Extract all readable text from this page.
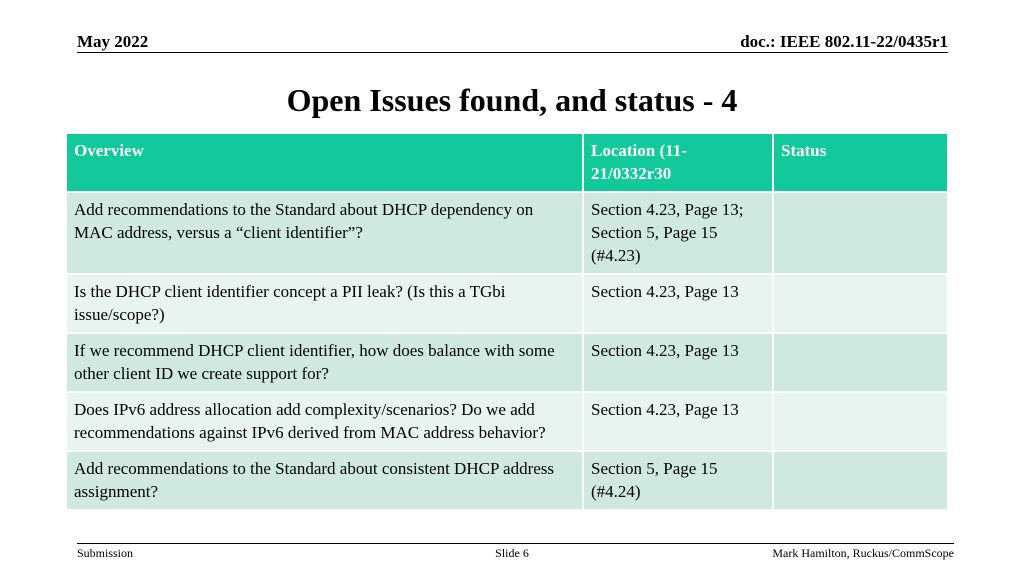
May 2022	doc.: IEEE 802.11-22/0435r1
Open Issues found, and status - 4
Overview	Location (11-21/0332r30	Status
Add recommendations to the Standard about DHCP dependency on MAC address, versus a “client identifier”?	Section 4.23, Page 13; Section 5, Page 15 (#4.23)	
Is the DHCP client identifier concept a PII leak? (Is this a TGbi issue/scope?)	Section 4.23, Page 13	
If we recommend DHCP client identifier, how does balance with some other client ID we create support for?	Section 4.23, Page 13	
Does IPv6 address allocation add complexity/scenarios? Do we add recommendations against IPv6 derived from MAC address behavior?	Section 4.23, Page 13	
Add recommendations to the Standard about consistent DHCP address assignment?	Section 5, Page 15 (#4.24)	
Submission	Slide 6	Mark Hamilton, Ruckus/CommScope
